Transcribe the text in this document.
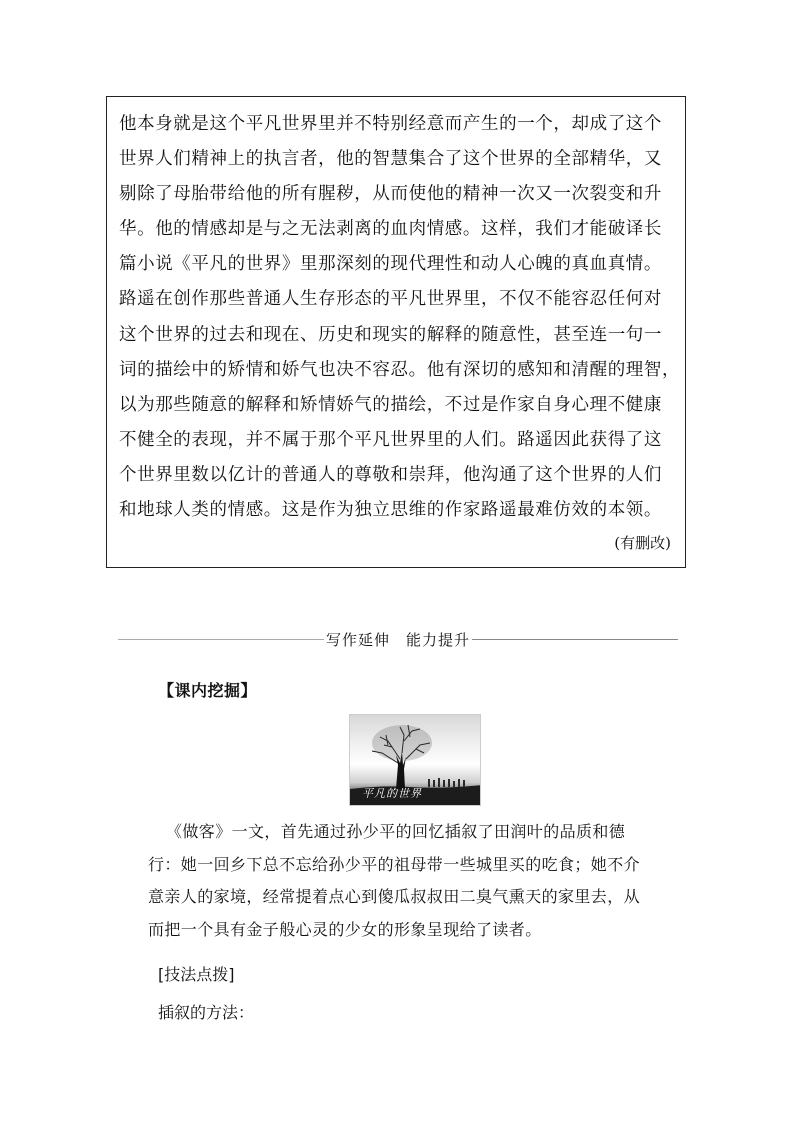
他本身就是这个平凡世界里并不特别经意而产生的一个，却成了这个
世界人们精神上的执言者，他的智慧集合了这个世界的全部精华，又
剔除了母胎带给他的所有腥秽，从而使他的精神一次又一次裂变和升
华。他的情感却是与之无法剥离的血肉情感。这样，我们才能破译长
篇小说《平凡的世界》里那深刻的现代理性和动人心魄的真血真情。
路遥在创作那些普通人生存形态的平凡世界里，不仅不能容忍任何对
这个世界的过去和现在、历史和现实的解释的随意性，甚至连一句一
词的描绘中的矫情和娇气也决不容忍。他有深切的感知和清醒的理智，
以为那些随意的解释和矫情娇气的描绘，不过是作家自身心理不健康
不健全的表现，并不属于那个平凡世界里的人们。路遥因此获得了这
个世界里数以亿计的普通人的尊敬和崇拜，他沟通了这个世界的人们
和地球人类的情感。这是作为独立思维的作家路遥最难仿效的本领。
(有删改)
写作延伸　能力提升
【课内挖掘】
平凡的世界
《做客》一文，首先通过孙少平的回忆插叙了田润叶的品质和德
行：她一回乡下总不忘给孙少平的祖母带一些城里买的吃食；她不介
意亲人的家境，经常提着点心到傻瓜叔叔田二臭气熏天的家里去，从
而把一个具有金子般心灵的少女的形象呈现给了读者。
[技法点拨]
插叙的方法：
